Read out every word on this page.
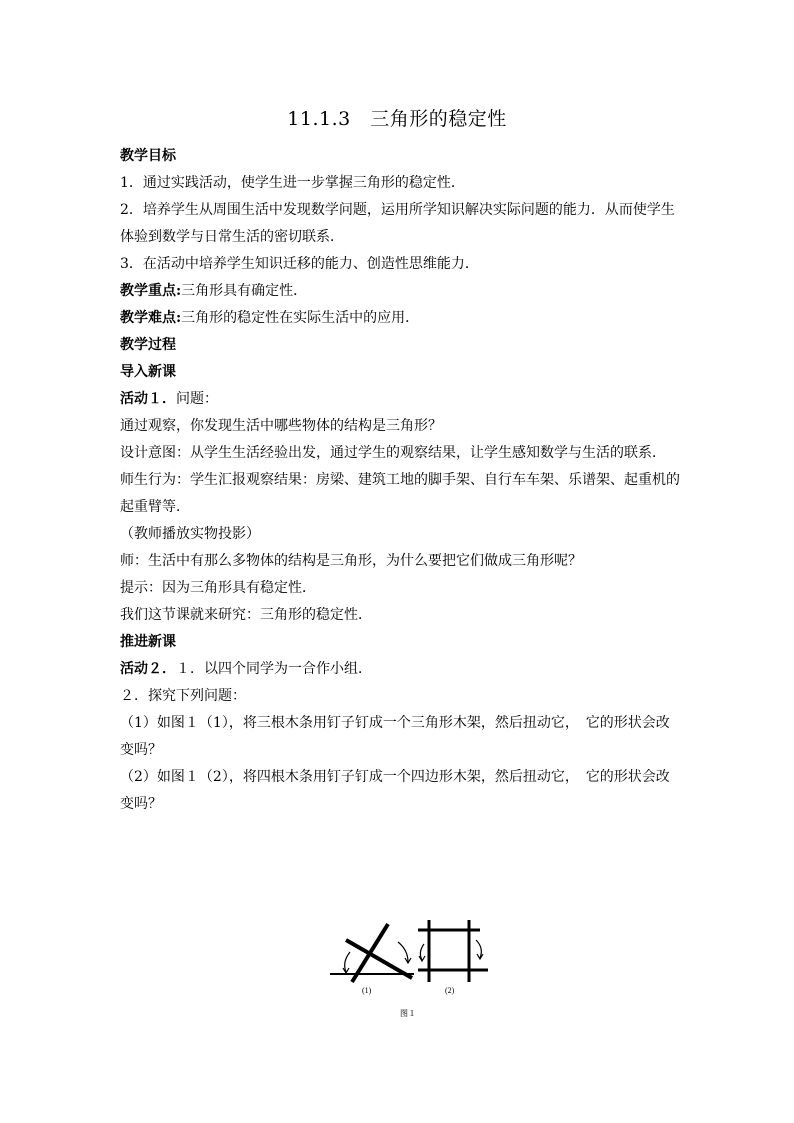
11.1.3　三角形的稳定性
教学目标
1．通过实践活动，使学生进一步掌握三角形的稳定性．
2．培养学生从周围生活中发现数学问题，运用所学知识解决实际问题的能力．从而使学生体验到数学与日常生活的密切联系．
3．在活动中培养学生知识迁移的能力、创造性思维能力．
教学重点:三角形具有确定性．
教学难点:三角形的稳定性在实际生活中的应用．
教学过程
导入新课
活动１．问题：
通过观察，你发现生活中哪些物体的结构是三角形？
设计意图：从学生生活经验出发，通过学生的观察结果，让学生感知数学与生活的联系．
师生行为：学生汇报观察结果：房梁、建筑工地的脚手架、自行车车架、乐谱架、起重机的起重臂等．
（教师播放实物投影）
师：生活中有那么多物体的结构是三角形，为什么要把它们做成三角形呢？
提示：因为三角形具有稳定性．
我们这节课就来研究：三角形的稳定性．
推进新课
活动２．１．以四个同学为一合作小组．
２．探究下列问题：
（1）如图１（1），将三根木条用钉子钉成一个三角形木架，然后扭动它，　它的形状会改变吗？
（2）如图１（2），将四根木条用钉子钉成一个四边形木架，然后扭动它，　它的形状会改变吗？
(1)	(2)
图１
